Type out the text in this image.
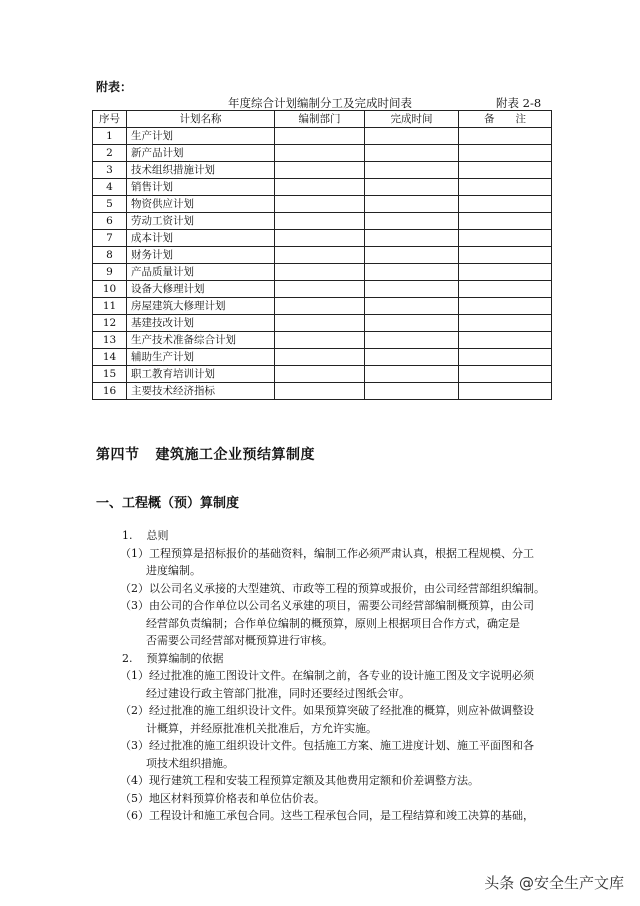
附表：
年度综合计划编制分工及完成时间表	附表 2-8
序号	计划名称	编制部门	完成时间	备　　注
1	生产计划			
2	新产品计划			
3	技术组织措施计划			
4	销售计划			
5	物资供应计划			
6	劳动工资计划			
7	成本计划			
8	财务计划			
9	产品质量计划			
10	设备大修理计划			
11	房屋建筑大修理计划			
12	基建技改计划			
13	生产技术准备综合计划			
14	辅助生产计划			
15	职工教育培训计划			
16	主要技术经济指标			
第四节 建筑施工企业预结算制度
一、工程概（预）算制度
1. 总则
（1）工程预算是招标报价的基础资料，编制工作必须严肃认真，根据工程规模、分工
进度编制。
（2）以公司名义承接的大型建筑、市政等工程的预算或报价，由公司经营部组织编制。
（3）由公司的合作单位以公司名义承建的项目，需要公司经营部编制概预算，由公司
经营部负责编制；合作单位编制的概预算，原则上根据项目合作方式，确定是
否需要公司经营部对概预算进行审核。
2. 预算编制的依据
（1）经过批准的施工图设计文件。在编制之前，各专业的设计施工图及文字说明必须
经过建设行政主管部门批准，同时还要经过图纸会审。
（2）经过批准的施工组织设计文件。如果预算突破了经批准的概算，则应补做调整设
计概算，并经原批准机关批准后，方允许实施。
（3）经过批准的施工组织设计文件。包括施工方案、施工进度计划、施工平面图和各
项技术组织措施。
（4）现行建筑工程和安装工程预算定额及其他费用定额和价差调整方法。
（5）地区材料预算价格表和单位估价表。
（6）工程设计和施工承包合同。这些工程承包合同，是工程结算和竣工决算的基础，
头条 @安全生产文库
